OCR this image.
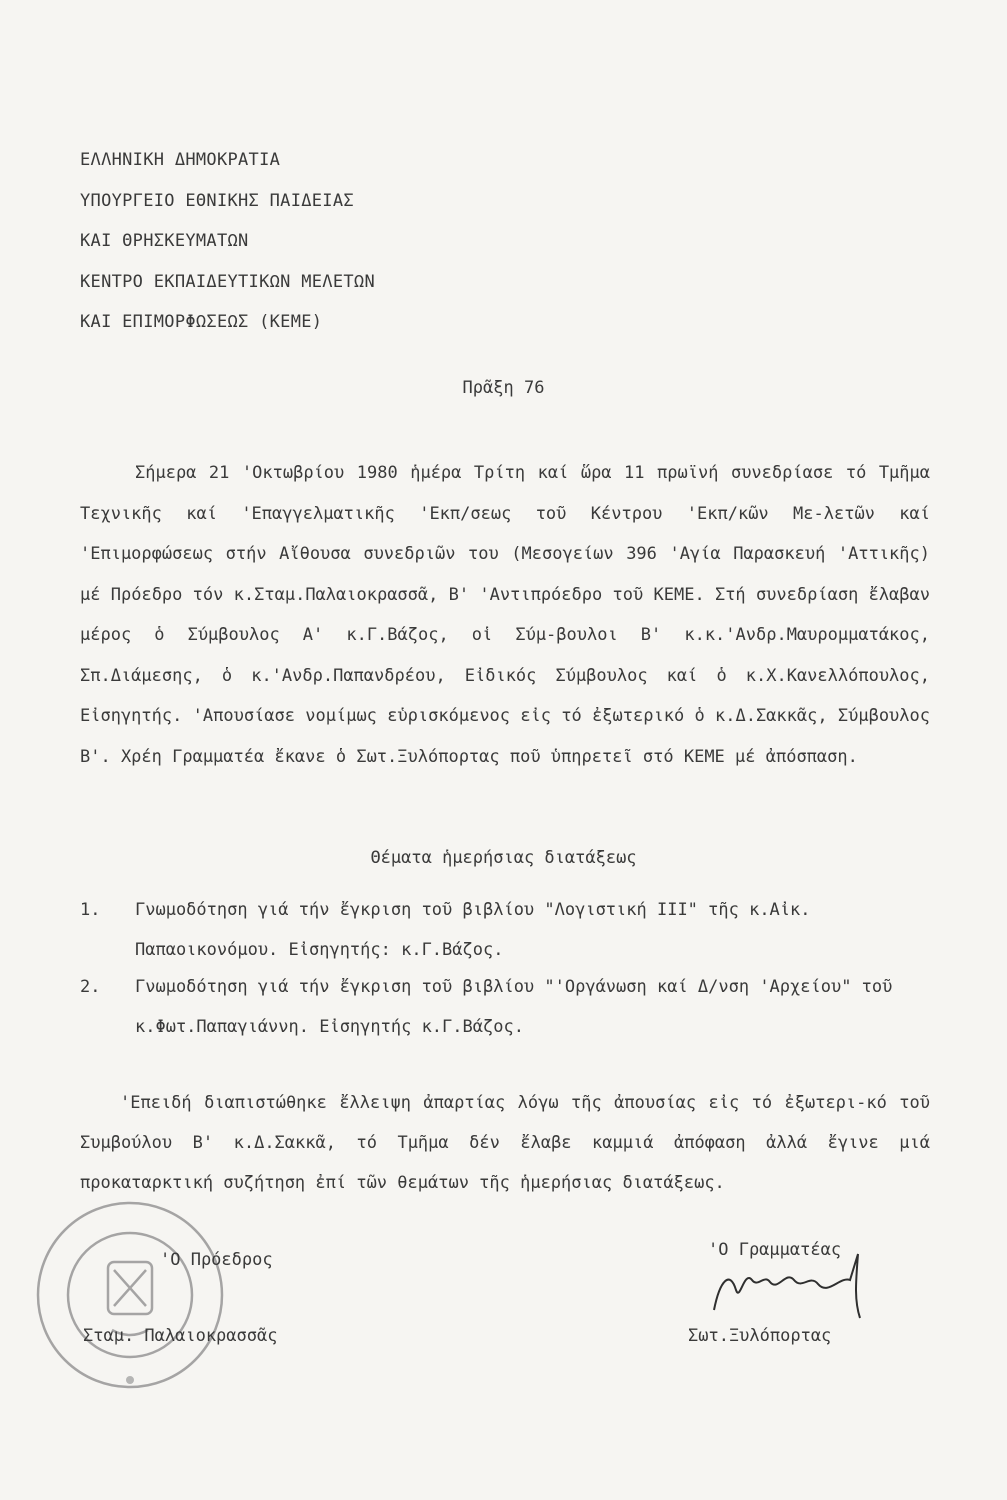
ΕΛΛΗΝΙΚΗ ΔΗΜΟΚΡΑΤΙΑ
ΥΠΟΥΡΓΕΙΟ ΕΘΝΙΚΗΣ ΠΑΙΔΕΙΑΣ
ΚΑΙ ΘΡΗΣΚΕΥΜΑΤΩΝ
ΚΕΝΤΡΟ ΕΚΠΑΙΔΕΥΤΙΚΩΝ ΜΕΛΕΤΩΝ
ΚΑΙ ΕΠΙΜΟΡΦΩΣΕΩΣ (ΚΕΜΕ)
Πρᾶξη 76

Σήμερα 21 'Οκτωβρίου 1980 ἡμέρα Τρίτη καί ὥρα 11 πρωϊνή συνεδρίασε τό Τμῆμα Τεχνικῆς καί 'Επαγγελματικῆς 'Εκπ/σεως τοῦ Κέντρου 'Εκπ/κῶν Με-λετῶν καί 'Επιμορφώσεως στήν Αἴθουσα συνεδριῶν του (Μεσογείων 396 'Αγία Παρασκευή 'Αττικῆς) μέ Πρόεδρο τόν κ.Σταμ.Παλαιοκρασσᾶ, Β' 'Αντιπρόεδρο τοῦ ΚΕΜΕ. Στή συνεδρίαση ἔλαβαν μέρος ὁ Σύμβουλος Α' κ.Γ.Βάζος, οἱ Σύμ-βουλοι Β' κ.κ.'Ανδρ.Μαυρομματάκος, Σπ.Διάμεσης, ὁ κ.'Ανδρ.Παπανδρέου, Εἰδικός Σύμβουλος καί ὁ κ.Χ.Κανελλόπουλος, Εἰσηγητής. 'Απουσίασε νομίμως εὑρισκόμενος εἰς τό ἐξωτερικό ὁ κ.Δ.Σακκᾶς, Σύμβουλος Β'. Χρέη Γραμματέα ἔκανε ὁ Σωτ.Ξυλόπορτας ποῦ ὑπηρετεῖ στό ΚΕΜΕ μέ ἀπόσπαση.

Θέματα ἡμερήσιας διατάξεως
1.	Γνωμοδότηση γιά τήν ἔγκριση τοῦ βιβλίου "Λογιστική ΙΙΙ" τῆς κ.Αἰκ. Παπαοικονόμου. Εἰσηγητής: κ.Γ.Βάζος.
2.	Γνωμοδότηση γιά τήν ἔγκριση τοῦ βιβλίου "'Οργάνωση καί Δ/νση 'Αρχείου" τοῦ κ.Φωτ.Παπαγιάννη. Εἰσηγητής κ.Γ.Βάζος.

'Επειδή διαπιστώθηκε ἔλλειψη ἀπαρτίας λόγω τῆς ἀπουσίας εἰς τό ἐξωτερι-κό τοῦ Συμβούλου Β' κ.Δ.Σακκᾶ, τό Τμῆμα δέν ἔλαβε καμμιά ἀπόφαση ἀλλά ἔγινε μιά προκαταρκτική συζήτηση ἐπί τῶν θεμάτων τῆς ἡμερήσιας διατάξεως.

'Ο Πρόεδρος
Σταμ. Παλαιοκρασσᾶς
'Ο Γραμματέας
Σωτ.Ξυλόπορτας
